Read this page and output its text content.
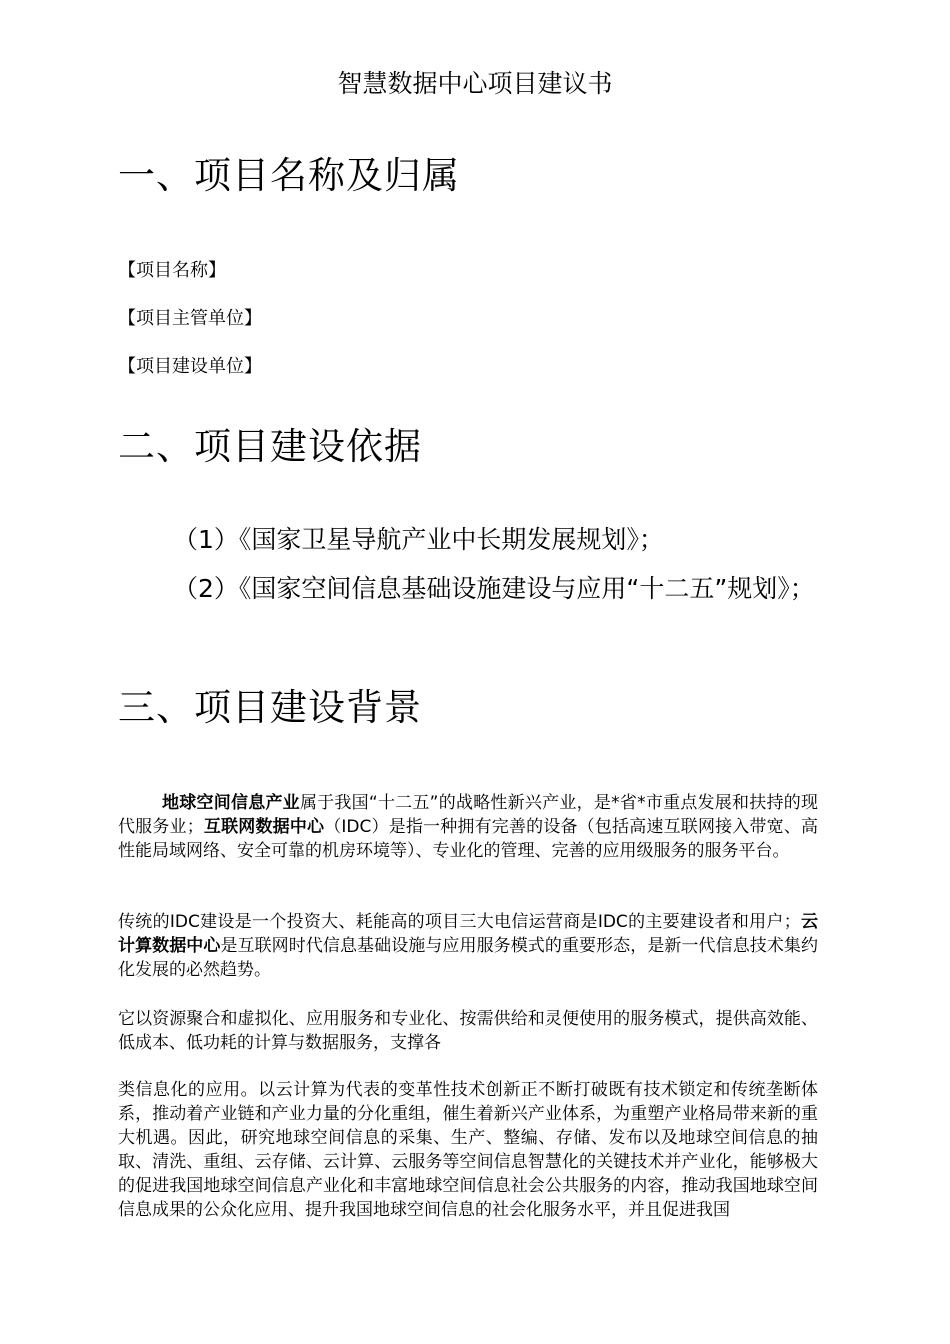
智慧数据中心项目建议书
一、项目名称及归属
【项目名称】
【项目主管单位】
【项目建设单位】
二、项目建设依据
（1）《国家卫星导航产业中长期发展规划》；
（2）《国家空间信息基础设施建设与应用“十二五”规划》；
三、项目建设背景
地球空间信息产业属于我国“十二五”的战略性新兴产业，是*省*市重点发展和扶持的现代服务业；互联网数据中心（IDC）是指一种拥有完善的设备（包括高速互联网接入带宽、高性能局域网络、安全可靠的机房环境等）、专业化的管理、完善的应用级服务的服务平台。
传统的IDC建设是一个投资大、耗能高的项目三大电信运营商是IDC的主要建设者和用户；云计算数据中心是互联网时代信息基础设施与应用服务模式的重要形态，是新一代信息技术集约化发展的必然趋势。
它以资源聚合和虚拟化、应用服务和专业化、按需供给和灵便使用的服务模式，提供高效能、低成本、低功耗的计算与数据服务，支撑各
类信息化的应用。以云计算为代表的变革性技术创新正不断打破既有技术锁定和传统垄断体系，推动着产业链和产业力量的分化重组，催生着新兴产业体系，为重塑产业格局带来新的重大机遇。因此，研究地球空间信息的采集、生产、整编、存储、发布以及地球空间信息的抽取、清洗、重组、云存储、云计算、云服务等空间信息智慧化的关键技术并产业化，能够极大的促进我国地球空间信息产业化和丰富地球空间信息社会公共服务的内容，推动我国地球空间信息成果的公众化应用、提升我国地球空间信息的社会化服务水平，并且促进我国
